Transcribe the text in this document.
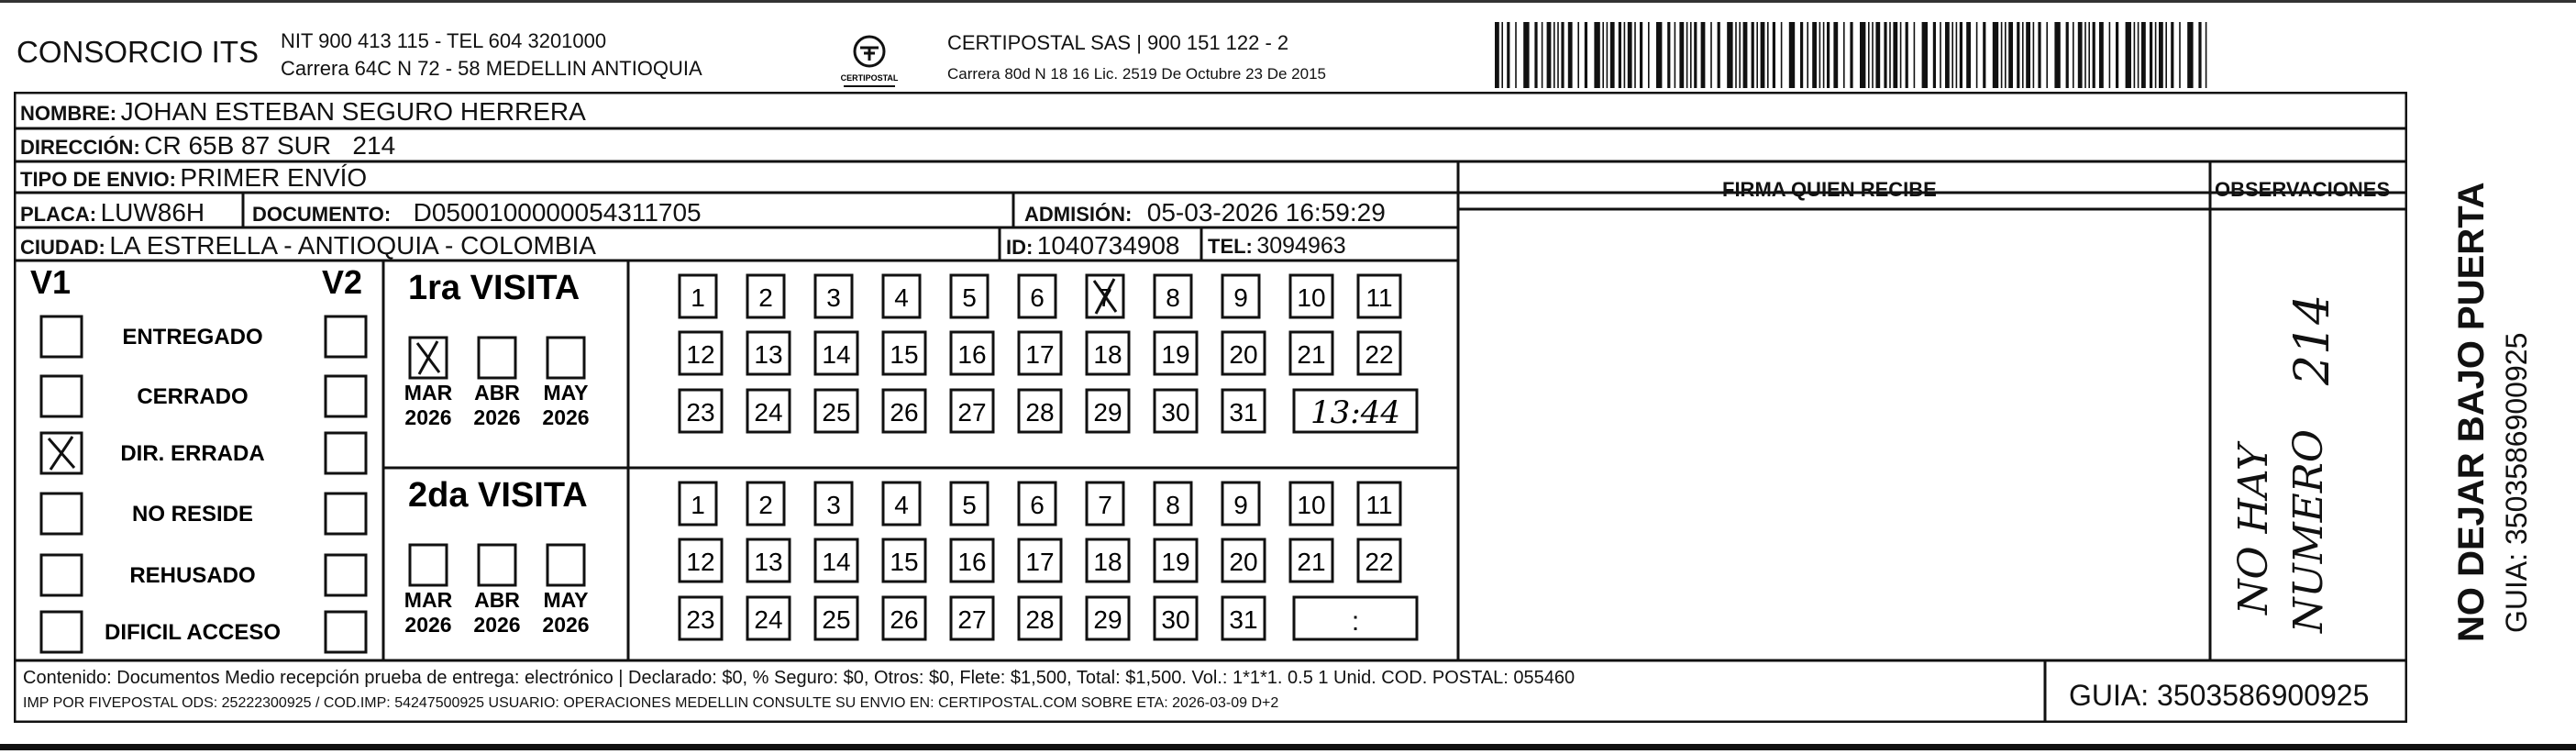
CONSORCIO ITS NIT 900 413 115 - TEL 604 3201000
Carrera 64C N 72 - 58 MEDELLIN ANTIOQUIA	CERTIPOSTAL
CERTIPOSTAL SAS | 900 151 122 - 2
Carrera 80d N 18 16 Lic. 2519 De Octubre 23 De 2015
V1	V2
ENTREGADO
CERRADO
DIR. ERRADA
NO RESIDE
REHUSADO
DIFICIL ACCESO
1ra VISITA
MAR
2026
ABR
2026
MAY
2026
1 2 3 4 5 6 7 8 9 10 11
12 13 14 15 16 17 18 19 20 21 22
23 24 25 26 27 28 29 30 31 13:44
2da VISITA
MAR
2026
ABR
2026
MAY
2026
1 2 3 4 5 6 7 8 9 10 11
12 13 14 15 16 17 18 19 20 21 22
23 24 25 26 27 28 29 30 31	:
NOMBRE: JOHAN ESTEBAN SEGURO HERRERA
DIRECCIÓN: CR 65B 87 SUR   214
TIPO DE ENVIO: PRIMER ENVÍO
PLACA: LUW86H DOCUMENTO: D0500100000054311705	ADMISIÓN: 05-03-2026 16:59:29
CIUDAD: LA ESTRELLA - ANTIOQUIA - COLOMBIA	ID: 1040734908 TEL: 3094963
FIRMA QUIEN RECIBE	OBSERVACIONES
NO HAY NUMERO
214
Contenido: Documentos Medio recepción prueba de entrega: electrónico | Declarado: $0, % Seguro: $0, Otros: $0, Flete: $1,500, Total: $1,500. Vol.: 1*1*1. 0.5 1 Unid. COD. POSTAL: 055460
IMP POR FIVEPOSTAL ODS: 25222300925 / COD.IMP: 54247500925 USUARIO: OPERACIONES MEDELLIN CONSULTE SU ENVIO EN: CERTIPOSTAL.COM SOBRE ETA: 2026-03-09 D+2	GUIA: 3503586900925
NO DEJAR BAJO PUERTA GUIA: 3503586900925
